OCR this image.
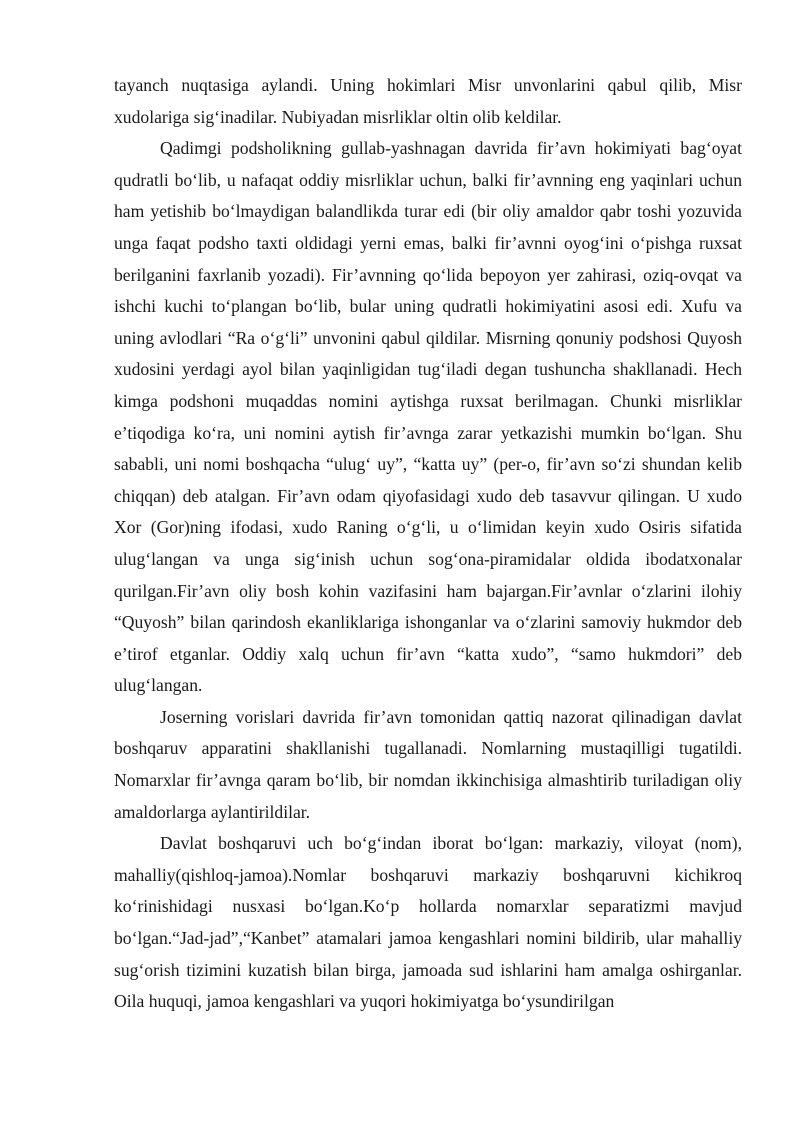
tayanch nuqtasiga aylandi. Uning hokimlari Misr unvonlarini qabul qilib, Misr xudolariga sig‘inadilar. Nubiyadan misrliklar oltin olib keldilar.

Qadimgi podsholikning gullab-yashnagan davrida fir’avn hokimiyati bag‘oyat qudratli bo‘lib, u nafaqat oddiy misrliklar uchun, balki fir’avnning eng yaqinlari uchun ham yetishib bo‘lmaydigan balandlikda turar edi (bir oliy amaldor qabr toshi yozuvida unga faqat podsho taxti oldidagi yerni emas, balki fir’avnni oyog‘ini o‘pishga ruxsat berilganini faxrlanib yozadi). Fir’avnning qo‘lida bepoyon yer zahirasi, oziq-ovqat va ishchi kuchi to‘plangan bo‘lib, bular uning qudratli hokimiyatini asosi edi. Xufu va uning avlodlari “Ra o‘g‘li” unvonini qabul qildilar. Misrning qonuniy podshosi Quyosh xudosini yerdagi ayol bilan yaqinligidan tug‘iladi degan tushuncha shakllanadi. Hech kimga podshoni muqaddas nomini aytishga ruxsat berilmagan. Chunki misrliklar e’tiqodiga ko‘ra, uni nomini aytish fir’avnga zarar yetkazishi mumkin bo‘lgan. Shu sababli, uni nomi boshqacha “ulug‘ uy”, “katta uy” (per-o, fir’avn so‘zi shundan kelib chiqqan) deb atalgan. Fir’avn odam qiyofasidagi xudo deb tasavvur qilingan. U xudo Xor (Gor)ning ifodasi, xudo Raning o‘g‘li, u o‘limidan keyin xudo Osiris sifatida ulug‘langan va unga sig‘inish uchun sog‘ona-piramidalar oldida ibodatxonalar qurilgan.Fir’avn oliy bosh kohin vazifasini ham bajargan.Fir’avnlar o‘zlarini ilohiy “Quyosh” bilan qarindosh ekanliklariga ishonganlar va o‘zlarini samoviy hukmdor deb e’tirof etganlar. Oddiy xalq uchun fir’avn “katta xudo”, “samo hukmdori” deb ulug‘langan.

Joserning vorislari davrida fir’avn tomonidan qattiq nazorat qilinadigan davlat boshqaruv apparatini shakllanishi tugallanadi. Nomlarning mustaqilligi tugatildi. Nomarxlar fir’avnga qaram bo‘lib, bir nomdan ikkinchisiga almashtirib turiladigan oliy amaldorlarga aylantirildilar.

Davlat boshqaruvi uch bo‘g‘indan iborat bo‘lgan: markaziy, viloyat (nom), mahalliy(qishloq-jamoa).Nomlar boshqaruvi markaziy boshqaruvni kichikroq ko‘rinishidagi nusxasi bo‘lgan.Ko‘p hollarda nomarxlar separatizmi mavjud bo‘lgan.“Jad-jad”,“Kanbet” atamalari jamoa kengashlari nomini bildirib, ular mahalliy sug‘orish tizimini kuzatish bilan birga, jamoada sud ishlarini ham amalga oshirganlar. Oila huquqi, jamoa kengashlari va yuqori hokimiyatga bo‘ysundirilgan
